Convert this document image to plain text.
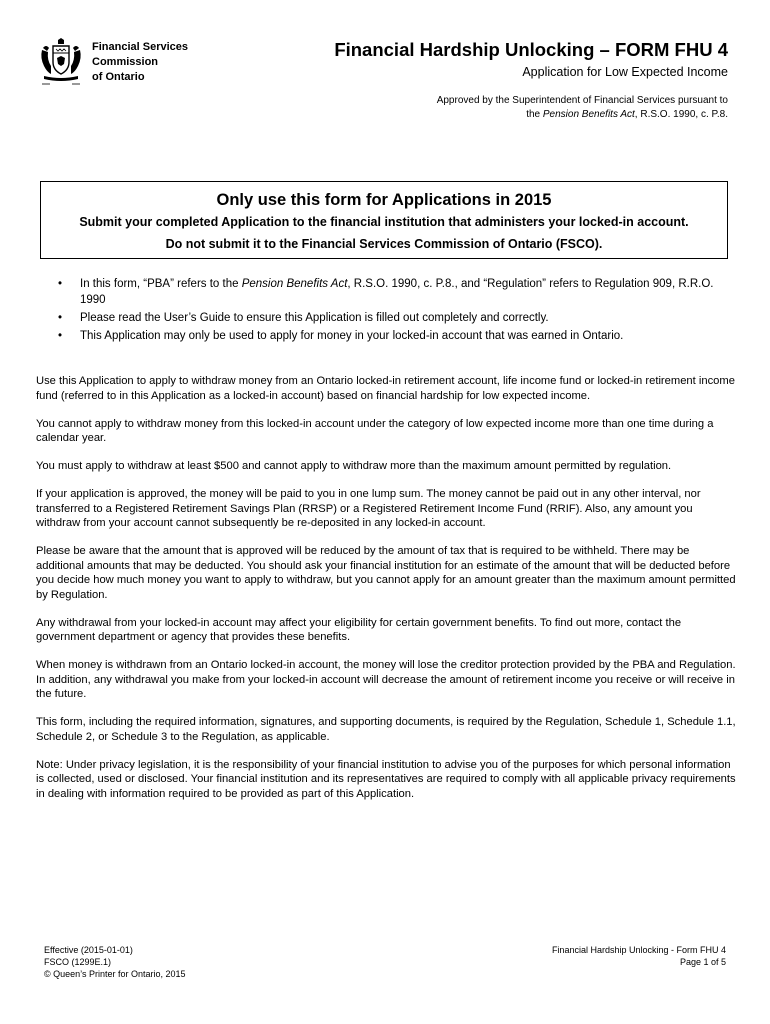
Financial Services
Commission
of Ontario
Financial Hardship Unlocking – FORM FHU 4
Application for Low Expected Income
Approved by the Superintendent of Financial Services pursuant to
the Pension Benefits Act, R.S.O. 1990, c. P.8.
Only use this form for Applications in 2015
Submit your completed Application to the financial institution that administers your locked-in account.
Do not submit it to the Financial Services Commission of Ontario (FSCO).
• In this form, “PBA” refers to the Pension Benefits Act, R.S.O. 1990, c. P.8., and “Regulation” refers to Regulation 909, R.R.O. 1990
• Please read the User’s Guide to ensure this Application is filled out completely and correctly.
• This Application may only be used to apply for money in your locked-in account that was earned in Ontario.

Use this Application to apply to withdraw money from an Ontario locked-in retirement account, life income fund or locked-in retirement income fund (referred to in this Application as a locked-in account) based on financial hardship for low expected income.

You cannot apply to withdraw money from this locked-in account under the category of low expected income more than one time during a calendar year.

You must apply to withdraw at least $500 and cannot apply to withdraw more than the maximum amount permitted by regulation.

If your application is approved, the money will be paid to you in one lump sum. The money cannot be paid out in any other interval, nor transferred to a Registered Retirement Savings Plan (RRSP) or a Registered Retirement Income Fund (RRIF). Also, any amount you withdraw from your account cannot subsequently be re-deposited in any locked-in account.

Please be aware that the amount that is approved will be reduced by the amount of tax that is required to be withheld. There may be additional amounts that may be deducted. You should ask your financial institution for an estimate of the amount that will be deducted before you decide how much money you want to apply to withdraw, but you cannot apply for an amount greater than the maximum amount permitted by Regulation.

Any withdrawal from your locked-in account may affect your eligibility for certain government benefits. To find out more, contact the government department or agency that provides these benefits.

When money is withdrawn from an Ontario locked-in account, the money will lose the creditor protection provided by the PBA and Regulation. In addition, any withdrawal you make from your locked-in account will decrease the amount of retirement income you receive or will receive in the future.

This form, including the required information, signatures, and supporting documents, is required by the Regulation, Schedule 1, Schedule 1.1, Schedule 2, or Schedule 3 to the Regulation, as applicable.

Note: Under privacy legislation, it is the responsibility of your financial institution to advise you of the purposes for which personal information is collected, used or disclosed. Your financial institution and its representatives are required to comply with all applicable privacy requirements in dealing with information required to be provided as part of this Application.

Effective (2015-01-01)
FSCO (1299E.1)
© Queen’s Printer for Ontario, 2015
Financial Hardship Unlocking - Form FHU 4
Page 1 of 5
